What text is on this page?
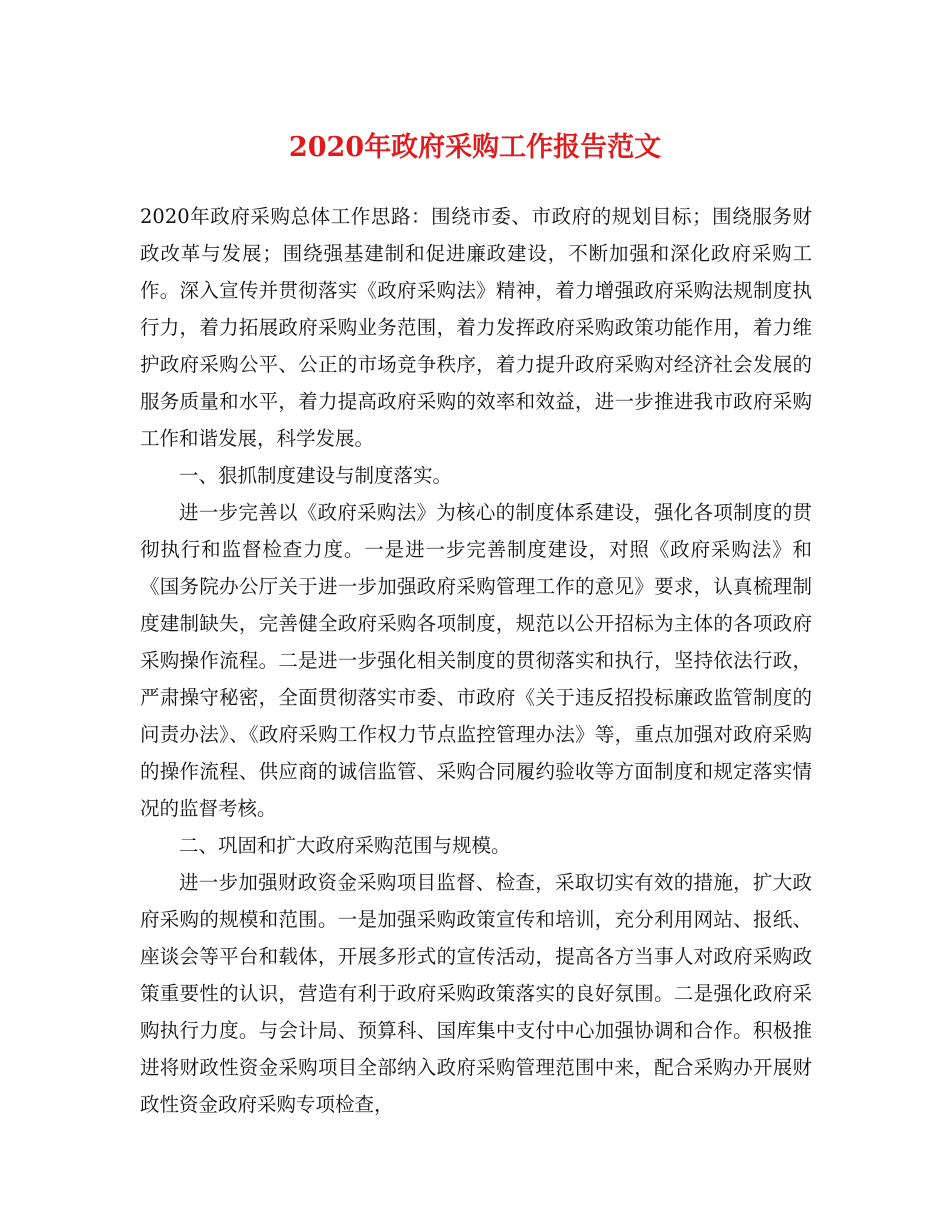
2020年政府采购工作报告范文

2020年政府采购总体工作思路：围绕市委、市政府的规划目标；围绕服务财政改革与发展；围绕强基建制和促进廉政建设，不断加强和深化政府采购工作。深入宣传并贯彻落实《政府采购法》精神，着力增强政府采购法规制度执行力，着力拓展政府采购业务范围，着力发挥政府采购政策功能作用，着力维护政府采购公平、公正的市场竞争秩序，着力提升政府采购对经济社会发展的服务质量和水平，着力提高政府采购的效率和效益，进一步推进我市政府采购工作和谐发展，科学发展。

一、狠抓制度建设与制度落实。

进一步完善以《政府采购法》为核心的制度体系建设，强化各项制度的贯彻执行和监督检查力度。一是进一步完善制度建设，对照《政府采购法》和《国务院办公厅关于进一步加强政府采购管理工作的意见》要求，认真梳理制度建制缺失，完善健全政府采购各项制度，规范以公开招标为主体的各项政府采购操作流程。二是进一步强化相关制度的贯彻落实和执行，坚持依法行政，严肃操守秘密，全面贯彻落实市委、市政府《关于违反招投标廉政监管制度的问责办法》、《政府采购工作权力节点监控管理办法》等，重点加强对政府采购的操作流程、供应商的诚信监管、采购合同履约验收等方面制度和规定落实情况的监督考核。

二、巩固和扩大政府采购范围与规模。

进一步加强财政资金采购项目监督、检查，采取切实有效的措施，扩大政府采购的规模和范围。一是加强采购政策宣传和培训，充分利用网站、报纸、座谈会等平台和载体，开展多形式的宣传活动，提高各方当事人对政府采购政策重要性的认识，营造有利于政府采购政策落实的良好氛围。二是强化政府采购执行力度。与会计局、预算科、国库集中支付中心加强协调和合作。积极推进将财政性资金采购项目全部纳入政府采购管理范围中来，配合采购办开展财政性资金政府采购专项检查，
